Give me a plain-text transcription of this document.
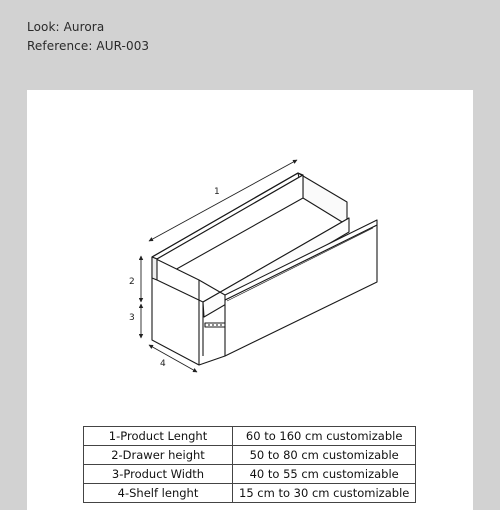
Look: Aurora
Reference: AUR-003
1
2
3
4
1-Product Lenght	60 to 160 cm customizable
2-Drawer height	50 to 80 cm customizable
3-Product Width	40 to 55 cm customizable
4-Shelf lenght	15 cm to 30 cm customizable
